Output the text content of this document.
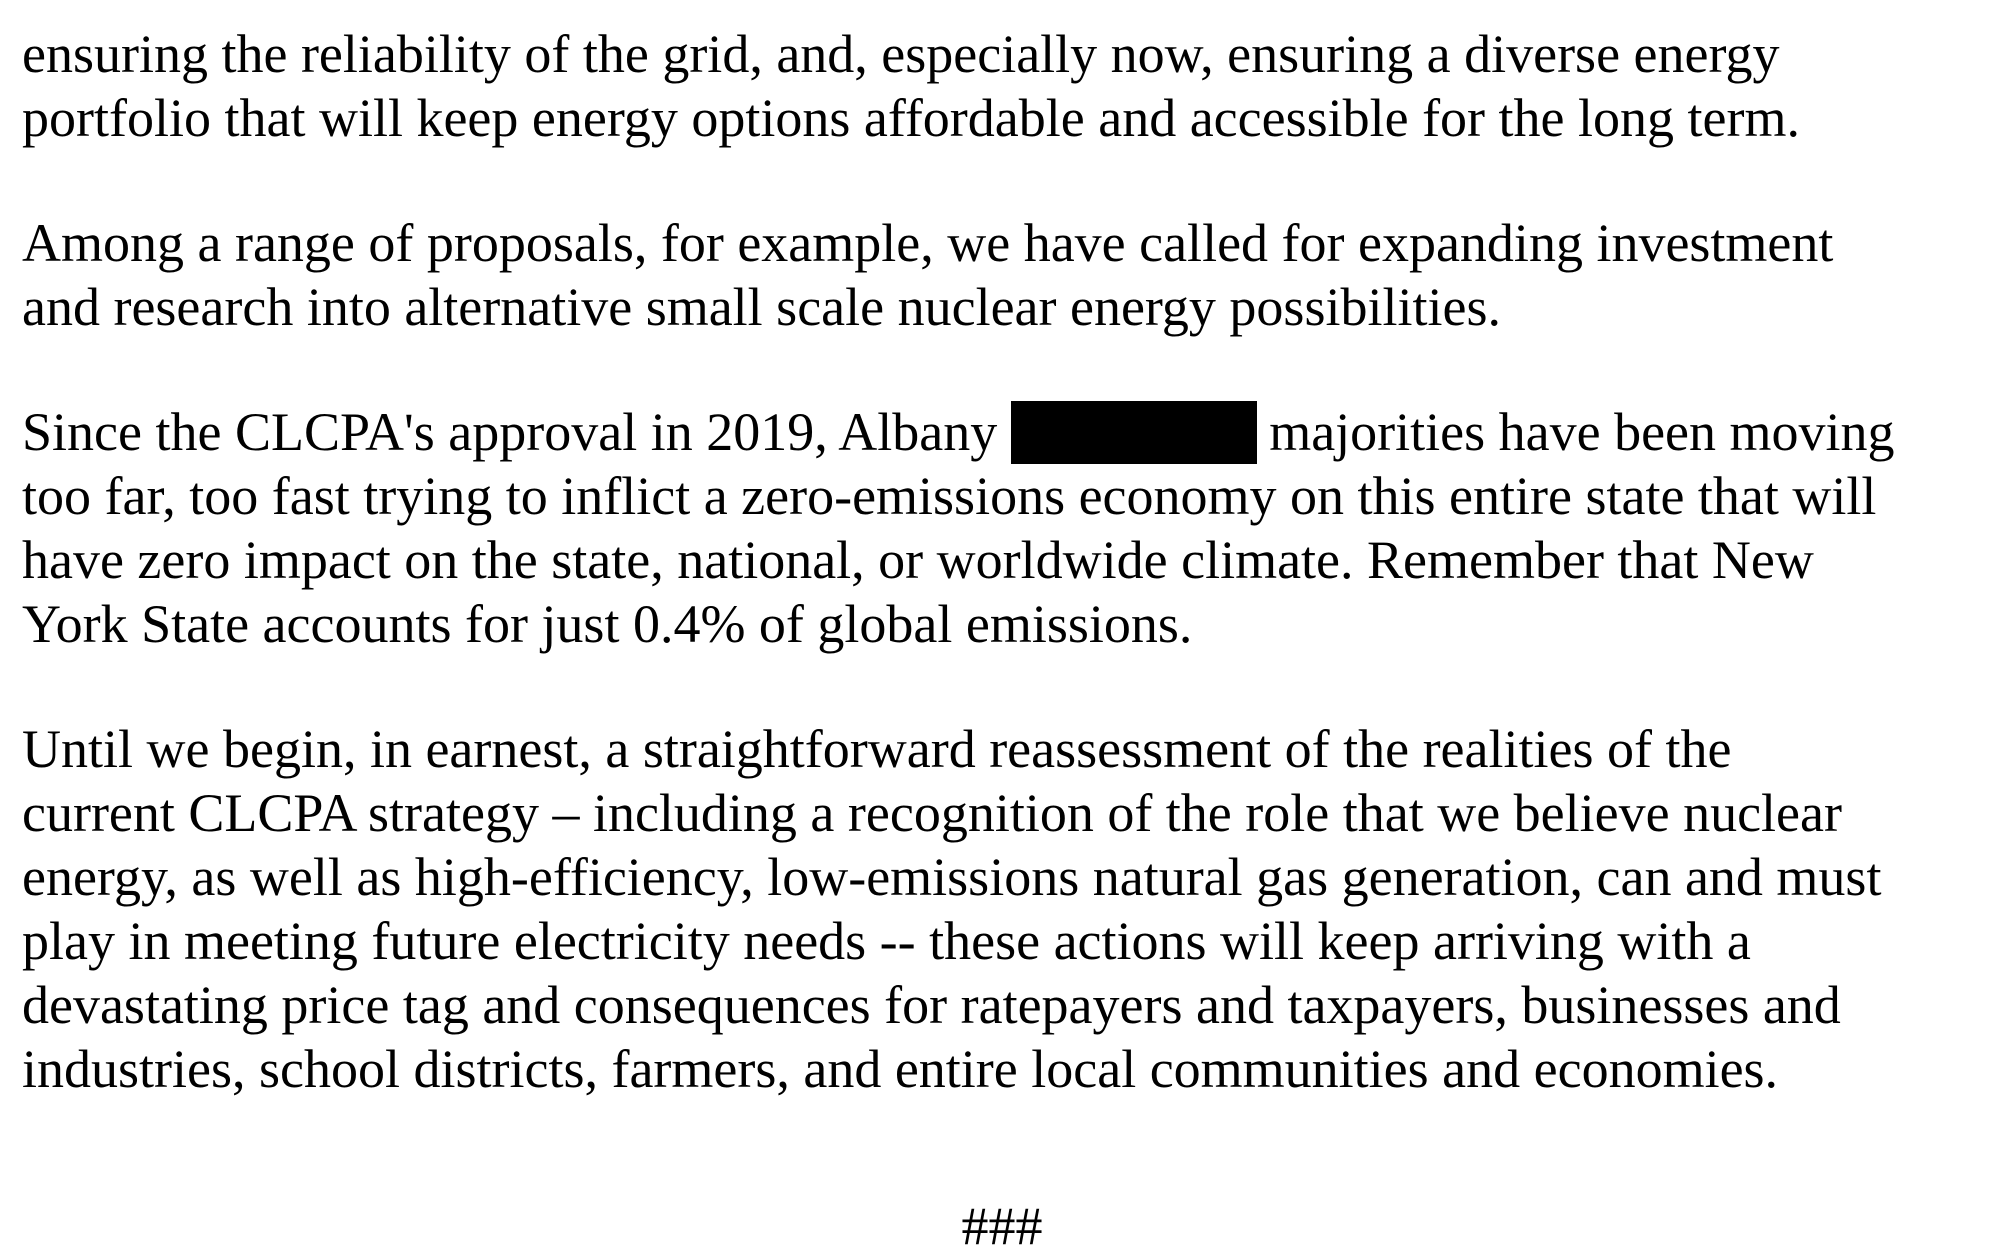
ensuring the reliability of the grid, and, especially now, ensuring a diverse energy
portfolio that will keep energy options affordable and accessible for the long term.
Among a range of proposals, for example, we have called for expanding investment
and research into alternative small scale nuclear energy possibilities.
Since the CLCPA's approval in 2019, Albany	majorities have been moving
too far, too fast trying to inflict a zero-emissions economy on this entire state that will
have zero impact on the state, national, or worldwide climate. Remember that New
York State accounts for just 0.4% of global emissions.
Until we begin, in earnest, a straightforward reassessment of the realities of the
current CLCPA strategy – including a recognition of the role that we believe nuclear
energy, as well as high-efficiency, low-emissions natural gas generation, can and must
play in meeting future electricity needs -- these actions will keep arriving with a
devastating price tag and consequences for ratepayers and taxpayers, businesses and
industries, school districts, farmers, and entire local communities and economies.
###
